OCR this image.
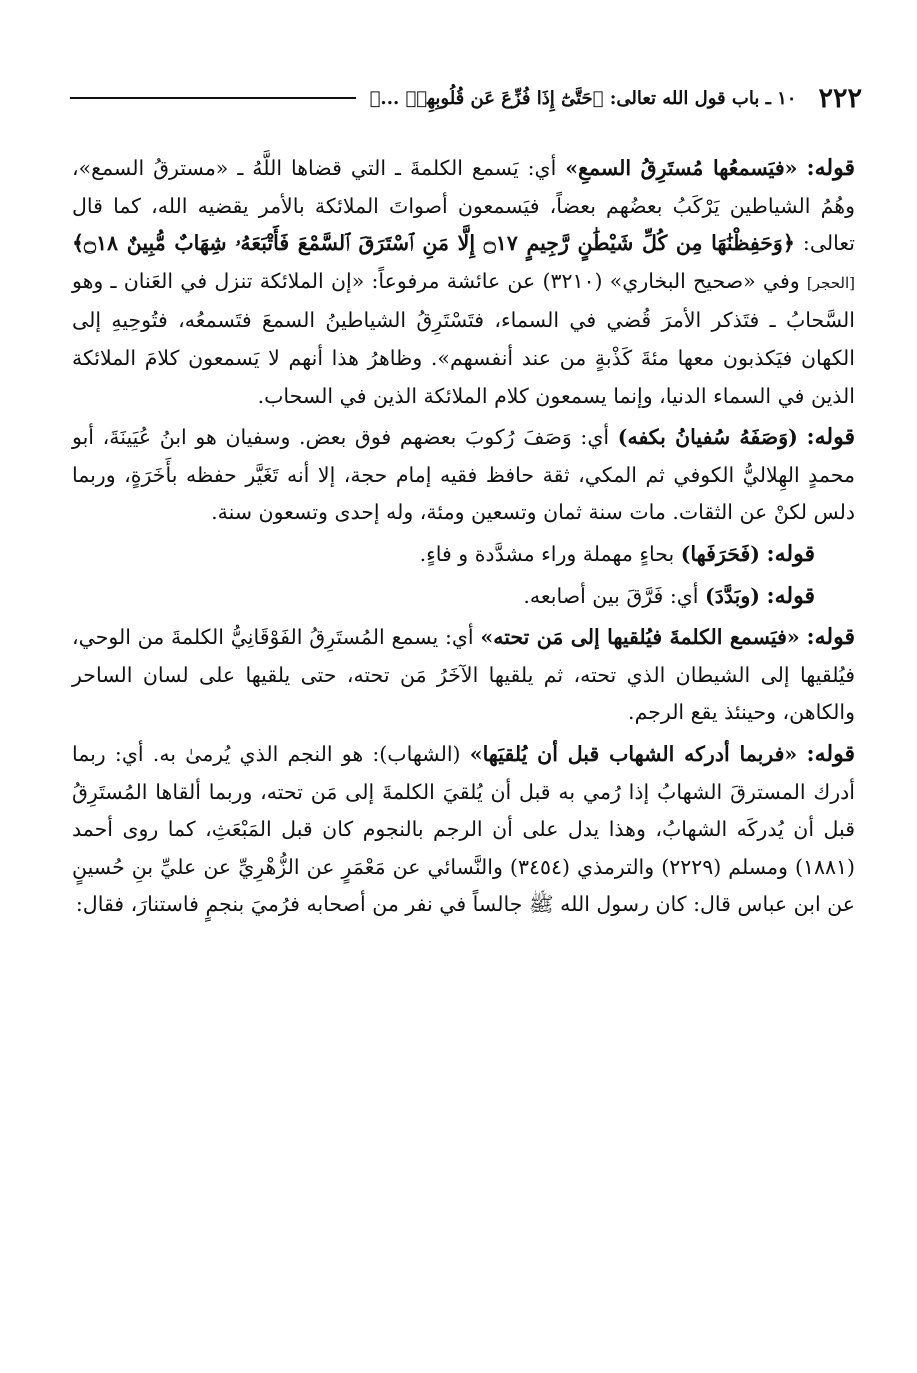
٢٢٢
١٠ ـ باب قول الله تعالى: ﴿حَتَّىٰٓ إِذَا فُزِّعَ عَن قُلُوبِهِمۡ ...﴾

قوله: «فيَسمعُها مُستَرِقُ السمعِ» أي: يَسمع الكلمةَ ـ التي قضاها اللَّهُ ـ «مسترقُ السمع»، وهُمُ الشياطين يَرْكَبُ بعضُهم بعضاً، فيَسمعون أصواتَ الملائكة بالأمر يقضيه الله، كما قال تعالى: ﴿وَحَفِظْنَٰهَا مِن كُلِّ شَيْطَٰنٍ رَّجِيمٍ ۝١٧ إِلَّا مَنِ ٱسْتَرَقَ ٱلسَّمْعَ فَأَتْبَعَهُۥ شِهَابٌ مُّبِينٌ ۝١٨﴾ [الحجر] وفي «صحيح البخاري» (٣٢١٠) عن عائشة مرفوعاً: «إن الملائكة تنزل في العَنان ـ وهو السَّحابُ ـ فتَذكر الأمرَ قُضي في السماء، فتَسْتَرِقُ الشياطينُ السمعَ فتَسمعُه، فتُوحِيهِ إلى الكهان فيَكذبون معها مئةَ كَذْبةٍ من عند أنفسهم». وظاهرُ هذا أنهم لا يَسمعون كلامَ الملائكة الذين في السماء الدنيا، وإنما يسمعون كلام الملائكة الذين في السحاب.

قوله: (وَصَفَهُ سُفيانُ بكفه) أي: وَصَفَ رُكوبَ بعضهم فوق بعض. وسفيان هو ابنُ عُيَينَةَ، أبو محمدٍ الهِلاليُّ الكوفي ثم المكي، ثقة حافظ فقيه إمام حجة، إلا أنه تَغَيَّر حفظه بأَخَرَةٍ، وربما دلس لكنْ عن الثقات. مات سنة ثمان وتسعين ومئة، وله إحدى وتسعون سنة.

قوله: (فَحَرَفَها) بحاءٍ مهملة وراء مشدَّدة و فاءٍ.

قوله: (وبَدَّدَ) أي: فَرَّقَ بين أصابعه.

قوله: «فيَسمع الكلمةَ فيُلقيها إلى مَن تحته» أي: يسمع المُستَرِقُ الفَوْقَانِيُّ الكلمةَ من الوحي، فيُلقيها إلى الشيطان الذي تحته، ثم يلقيها الآخَرُ مَن تحته، حتى يلقيها على لسان الساحر والكاهن، وحينئذ يقع الرجم.

قوله: «فربما أدركه الشهاب قبل أن يُلقيَها» (الشهاب): هو النجم الذي يُرمىٰ به. أي: ربما أدرك المسترقَ الشهابُ إذا رُمي به قبل أن يُلقيَ الكلمةَ إلى مَن تحته، وربما ألقاها المُستَرِقُ قبل أن يُدركَه الشهابُ، وهذا يدل على أن الرجم بالنجوم كان قبل المَبْعَثِ، كما روى أحمد (١٨٨١) ومسلم (٢٢٢٩) والترمذي (٣٤٥٤) والنَّسائي عن مَعْمَرٍ عن الزُّهْرِيِّ عن عليِّ بنِ حُسينٍ عن ابن عباس قال: كان رسول الله ﷺ جالساً في نفر من أصحابه فرُميَ بنجمٍ فاستنارَ، فقال:
